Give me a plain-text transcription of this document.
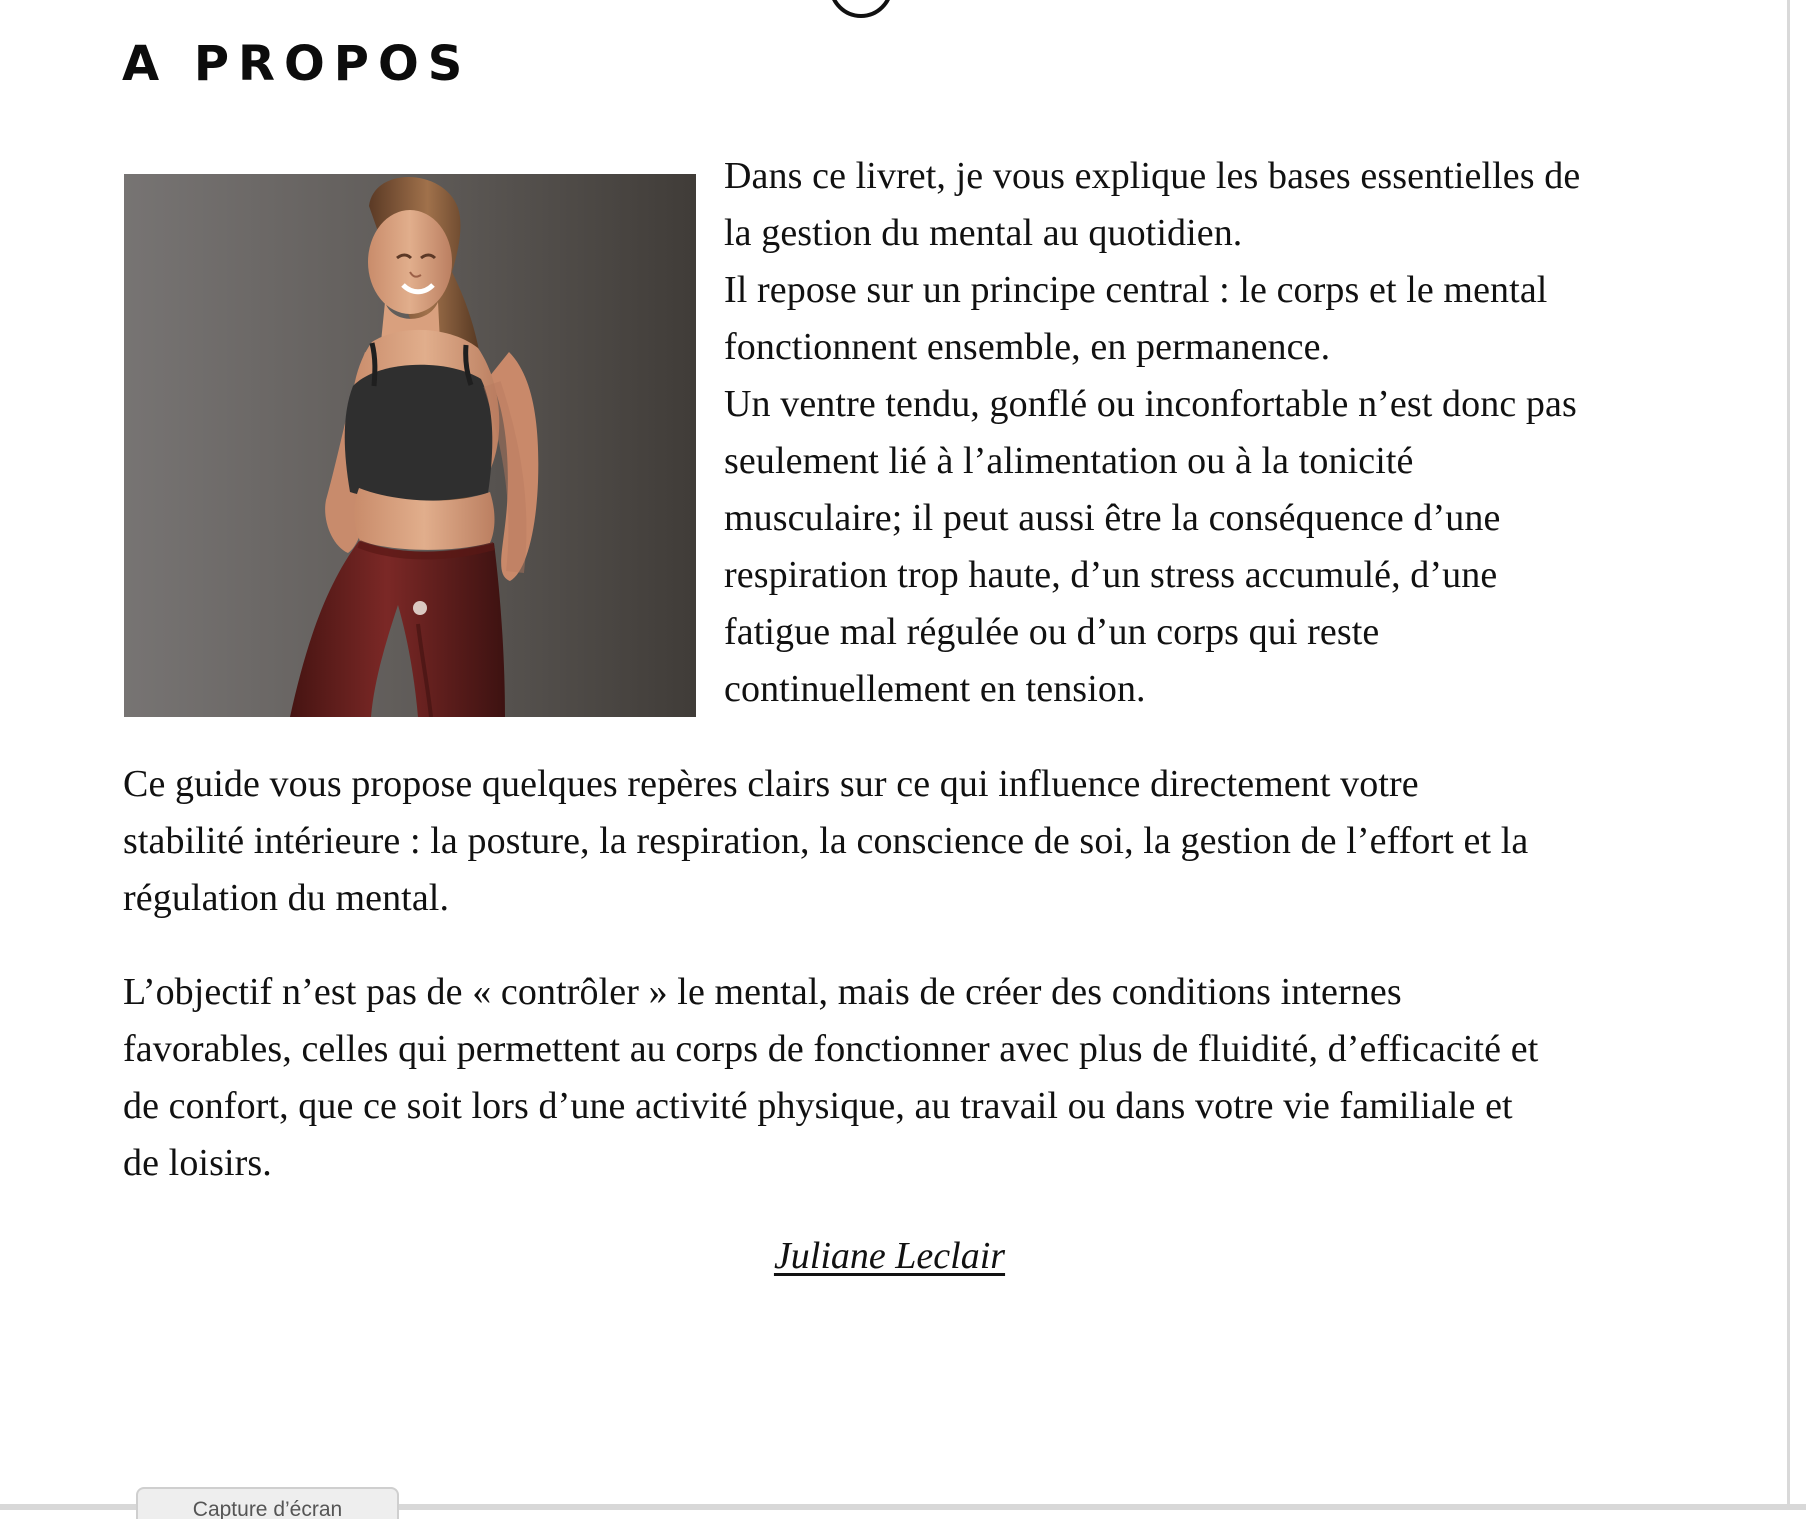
A PROPOS

Dans ce livret, je vous explique les bases essentielles de
la gestion du mental au quotidien.
Il repose sur un principe central : le corps et le mental
fonctionnent ensemble, en permanence.
Un ventre tendu, gonflé ou inconfortable n’est donc pas
seulement lié à l’alimentation ou à la tonicité
musculaire; il peut aussi être la conséquence d’une
respiration trop haute, d’un stress accumulé, d’une
fatigue mal régulée ou d’un corps qui reste
continuellement en tension.

Ce guide vous propose quelques repères clairs sur ce qui influence directement votre
stabilité intérieure : la posture, la respiration, la conscience de soi, la gestion de l’effort et la
régulation du mental.

L’objectif n’est pas de « contrôler » le mental, mais de créer des conditions internes
favorables, celles qui permettent au corps de fonctionner avec plus de fluidité, d’efficacité et
de confort, que ce soit lors d’une activité physique, au travail ou dans votre vie familiale et
de loisirs.

Juliane Leclair

Capture d’écran
